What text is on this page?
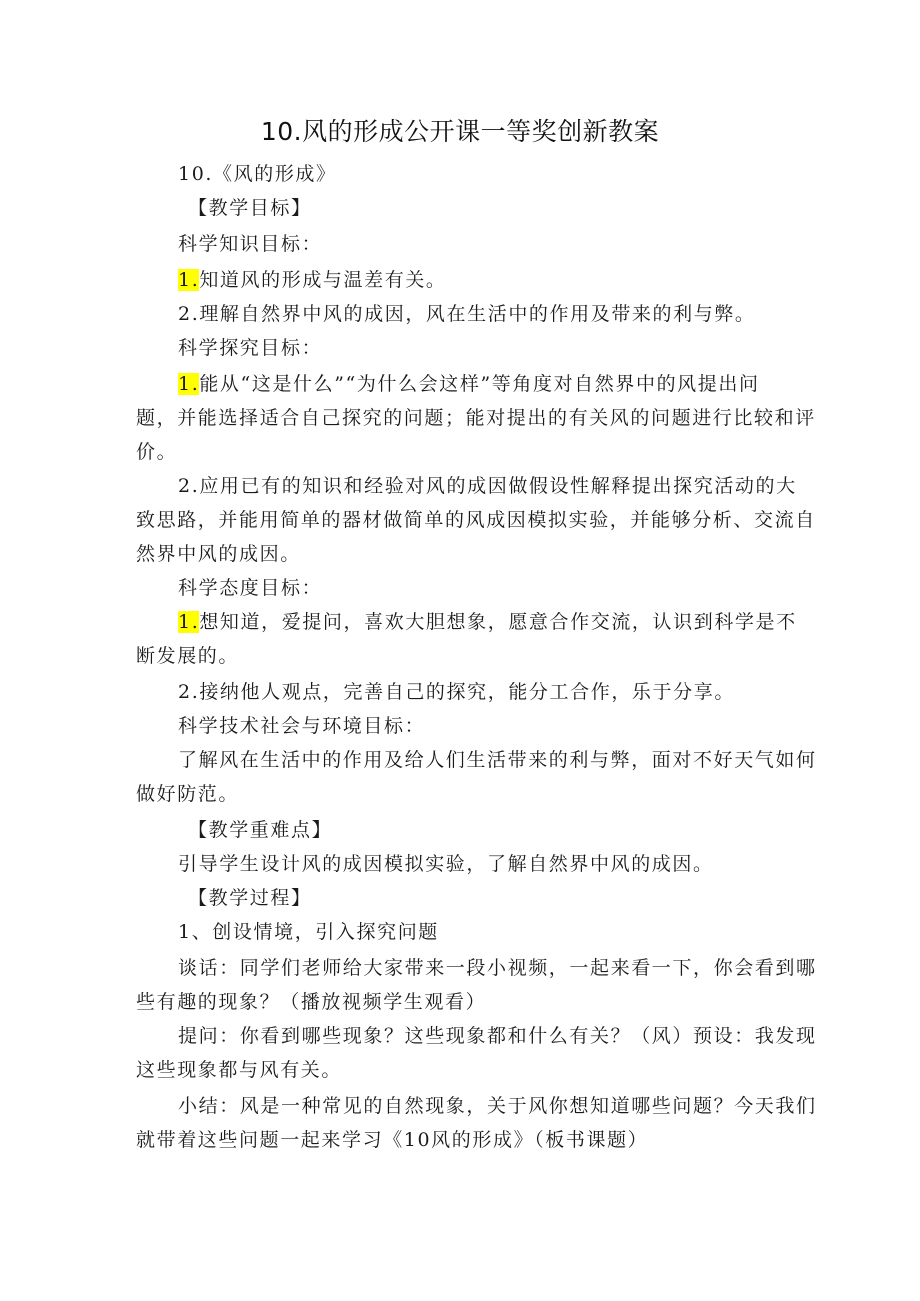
10.风的形成公开课一等奖创新教案
10.《风的形成》
【教学目标】
科学知识目标：
1.知道风的形成与温差有关。
2.理解自然界中风的成因，风在生活中的作用及带来的利与弊。
科学探究目标：
1.能从“这是什么”“为什么会这样”等角度对自然界中的风提出问
题，并能选择适合自己探究的问题；能对提出的有关风的问题进行比较和评
价。
2.应用已有的知识和经验对风的成因做假设性解释提出探究活动的大
致思路，并能用简单的器材做简单的风成因模拟实验，并能够分析、交流自
然界中风的成因。
科学态度目标：
1.想知道，爱提问，喜欢大胆想象，愿意合作交流，认识到科学是不
断发展的。
2.接纳他人观点，完善自己的探究，能分工合作，乐于分享。
科学技术社会与环境目标：
了解风在生活中的作用及给人们生活带来的利与弊，面对不好天气如何
做好防范。
【教学重难点】
引导学生设计风的成因模拟实验，了解自然界中风的成因。
【教学过程】
1、创设情境，引入探究问题
谈话：同学们老师给大家带来一段小视频，一起来看一下，你会看到哪
些有趣的现象？（播放视频学生观看）
提问：你看到哪些现象？这些现象都和什么有关？（风）预设：我发现
这些现象都与风有关。
小结：风是一种常见的自然现象，关于风你想知道哪些问题？今天我们
就带着这些问题一起来学习《10风的形成》（板书课题）
